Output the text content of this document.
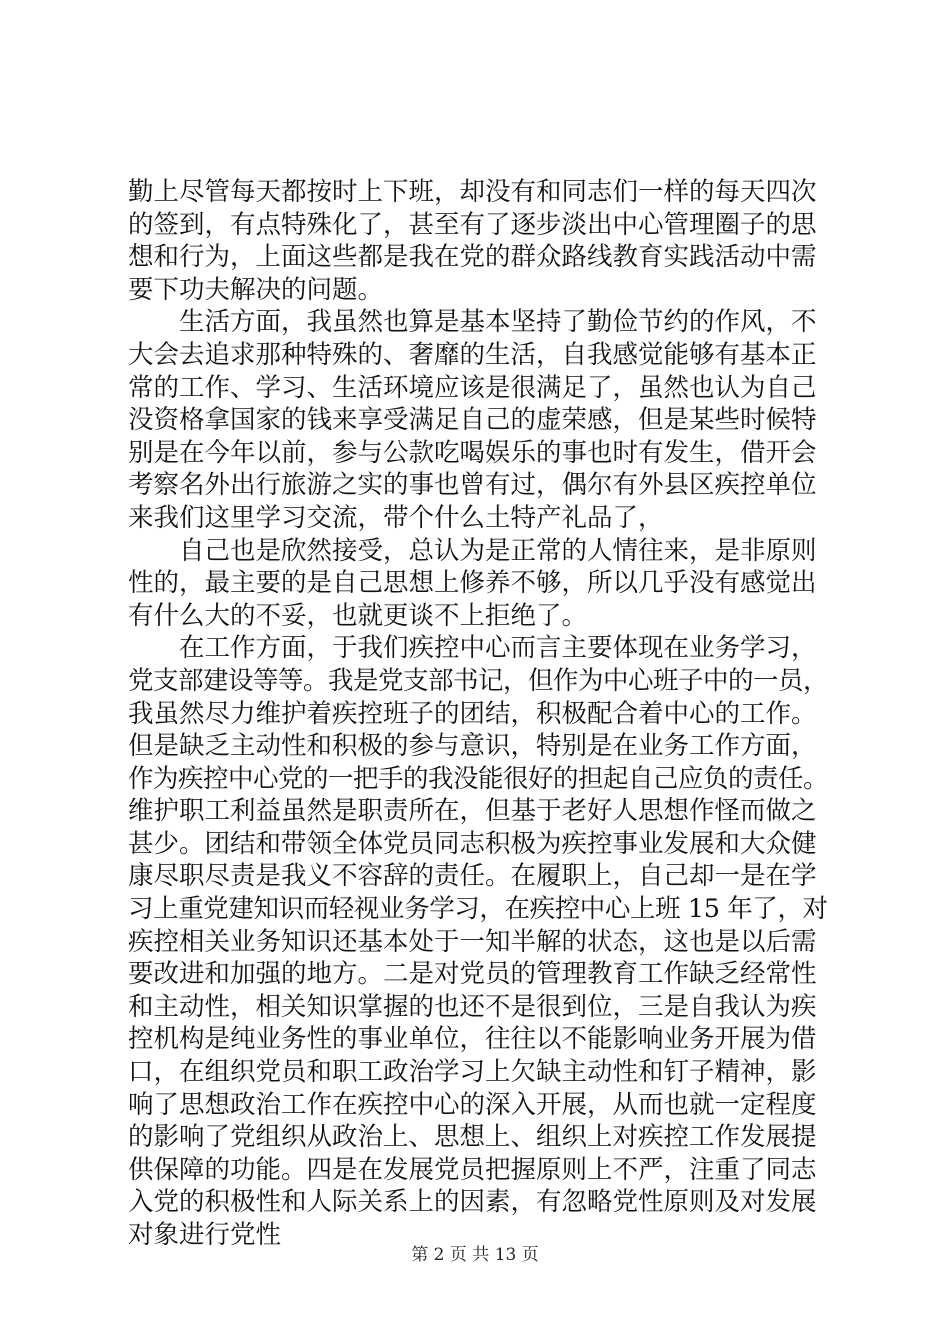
勤上尽管每天都按时上下班，却没有和同志们一样的每天四次
的签到，有点特殊化了，甚至有了逐步淡出中心管理圈子的思
想和行为，上面这些都是我在党的群众路线教育实践活动中需
要下功夫解决的问题。
　　生活方面，我虽然也算是基本坚持了勤俭节约的作风，不
大会去追求那种特殊的、奢靡的生活，自我感觉能够有基本正
常的工作、学习、生活环境应该是很满足了，虽然也认为自己
没资格拿国家的钱来享受满足自己的虚荣感，但是某些时候特
别是在今年以前，参与公款吃喝娱乐的事也时有发生，借开会
考察名外出行旅游之实的事也曾有过，偶尔有外县区疾控单位
来我们这里学习交流，带个什么土特产礼品了，
　　自己也是欣然接受，总认为是正常的人情往来，是非原则
性的，最主要的是自己思想上修养不够，所以几乎没有感觉出
有什么大的不妥，也就更谈不上拒绝了。
　　在工作方面，于我们疾控中心而言主要体现在业务学习，
党支部建设等等。我是党支部书记，但作为中心班子中的一员，
我虽然尽力维护着疾控班子的团结，积极配合着中心的工作。
但是缺乏主动性和积极的参与意识，特别是在业务工作方面，
作为疾控中心党的一把手的我没能很好的担起自己应负的责任。
维护职工利益虽然是职责所在，但基于老好人思想作怪而做之
甚少。团结和带领全体党员同志积极为疾控事业发展和大众健
康尽职尽责是我义不容辞的责任。在履职上，自己却一是在学
习上重党建知识而轻视业务学习，在疾控中心上班 15 年了，对
疾控相关业务知识还基本处于一知半解的状态，这也是以后需
要改进和加强的地方。二是对党员的管理教育工作缺乏经常性
和主动性，相关知识掌握的也还不是很到位，三是自我认为疾
控机构是纯业务性的事业单位，往往以不能影响业务开展为借
口，在组织党员和职工政治学习上欠缺主动性和钉子精神，影
响了思想政治工作在疾控中心的深入开展，从而也就一定程度
的影响了党组织从政治上、思想上、组织上对疾控工作发展提
供保障的功能。四是在发展党员把握原则上不严，注重了同志
入党的积极性和人际关系上的因素，有忽略党性原则及对发展
对象进行党性
第 2 页 共 13 页
